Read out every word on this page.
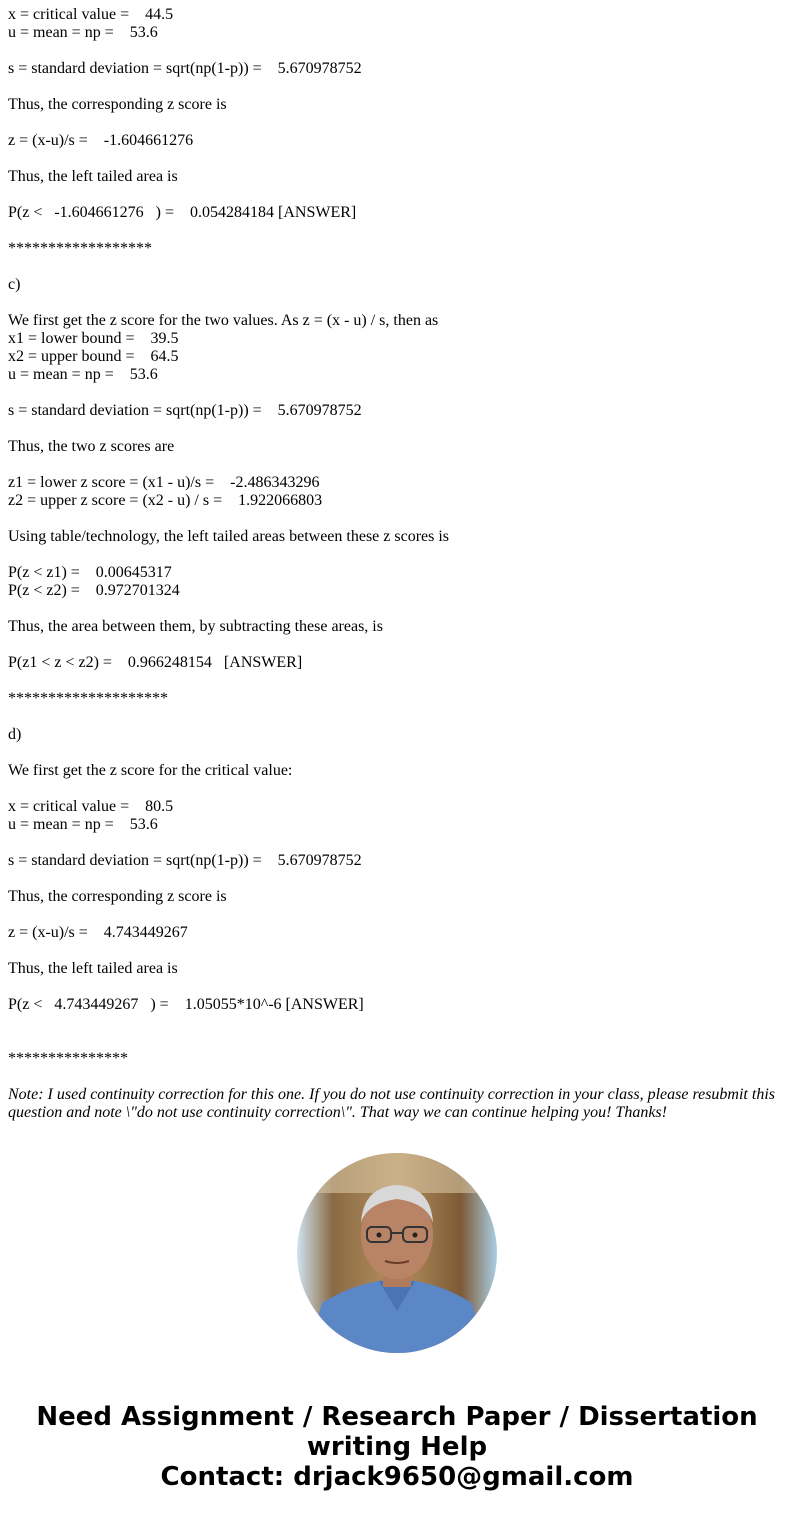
x = critical value =    44.5
u = mean = np =    53.6
s = standard deviation = sqrt(np(1-p)) =    5.670978752
Thus, the corresponding z score is
z = (x-u)/s =    -1.604661276
Thus, the left tailed area is
P(z <   -1.604661276   ) =    0.054284184 [ANSWER]
******************
c)
We first get the z score for the two values. As z = (x - u) / s, then as
x1 = lower bound =    39.5
x2 = upper bound =    64.5
u = mean = np =    53.6
s = standard deviation = sqrt(np(1-p)) =    5.670978752
Thus, the two z scores are
z1 = lower z score = (x1 - u)/s =    -2.486343296
z2 = upper z score = (x2 - u) / s =    1.922066803
Using table/technology, the left tailed areas between these z scores is
P(z < z1) =    0.00645317
P(z < z2) =    0.972701324
Thus, the area between them, by subtracting these areas, is
P(z1 < z < z2) =    0.966248154   [ANSWER]
********************
d)
We first get the z score for the critical value:
x = critical value =    80.5
u = mean = np =    53.6
s = standard deviation = sqrt(np(1-p)) =    5.670978752
Thus, the corresponding z score is
z = (x-u)/s =    4.743449267
Thus, the left tailed area is
P(z <   4.743449267   ) =    1.05055*10^-6 [ANSWER]
***************
Note: I used continuity correction for this one. If you do not use continuity correction in your class, please resubmit this question and note \"do not use continuity correction\". That way we can continue helping you! Thanks!
Need Assignment / Research Paper / Dissertation
writing Help
Contact: drjack9650@gmail.com
